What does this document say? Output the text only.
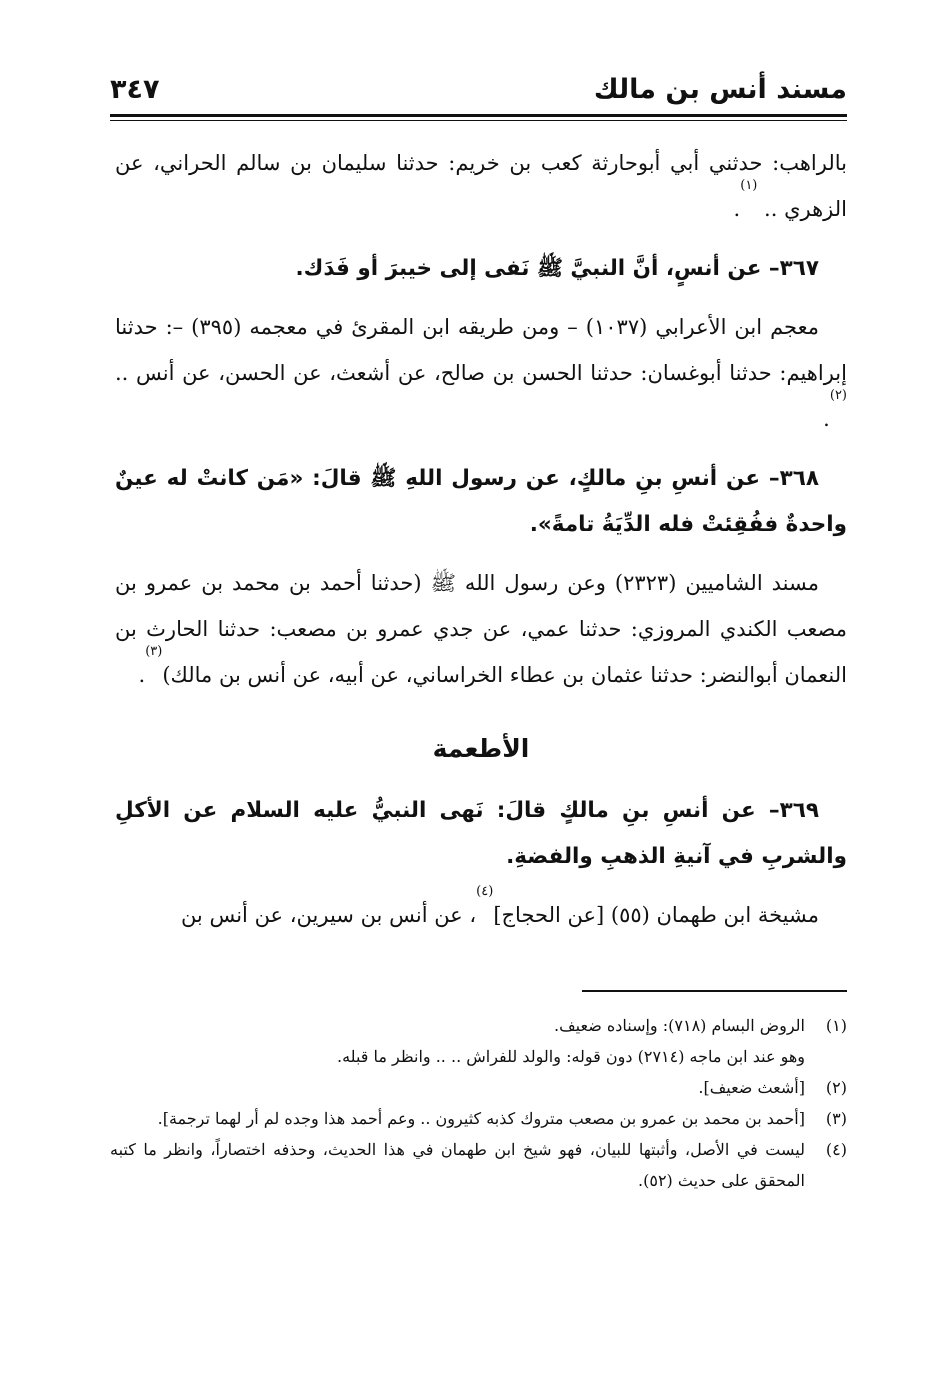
مسند أنس بن مالك
٣٤٧

بالراهب: حدثني أبي أبوحارثة كعب بن خريم: حدثنا سليمان بن سالم الحراني، عن الزهري .. $^{(١)}$.

٣٦٧– عن أنسٍ، أنَّ النبيَّ ﷺ نَفى إلى خيبرَ أو فَدَك.

معجم ابن الأعرابي (١٠٣٧) – ومن طريقه ابن المقرئ في معجمه (٣٩٥) –: حدثنا إبراهيم: حدثنا أبوغسان: حدثنا الحسن بن صالح، عن أشعث، عن الحسن، عن أنس .. $^{(٢)}$.

٣٦٨– عن أنسِ بنِ مالكٍ، عن رسول اللهِ ﷺ قالَ: «مَن كانتْ له عينٌ واحدةٌ ففُقِئتْ فله الدِّيَةُ تامةً».

مسند الشاميين (٢٣٢٣) وعن رسول الله ﷺ (حدثنا أحمد بن محمد بن عمرو بن مصعب الكندي المروزي: حدثنا عمي، عن جدي عمرو بن مصعب: حدثنا الحارث بن النعمان أبوالنضر: حدثنا عثمان بن عطاء الخراساني، عن أبيه، عن أنس بن مالك)$^{(٣)}$.

الأطعمة

٣٦٩– عن أنسِ بنِ مالكٍ قالَ: نَهى النبيُّ عليه السلام عن الأكلِ والشربِ في آنيةِ الذهبِ والفضةِ.

مشيخة ابن طهمان (٥٥) [عن الحجاج]$^{(٤)}$، عن أنس بن سيرين، عن أنس بن

(١)
الروض البسام (٧١٨): وإسناده ضعيف.

وهو عند ابن ماجه (٢٧١٤) دون قوله: والولد للفراش .. .. وانظر ما قبله.

(٢)
[أشعث ضعيف].

(٣)
[أحمد بن محمد بن عمرو بن مصعب متروك كذبه كثيرون .. وعم أحمد هذا وجده لم أر لهما ترجمة].

(٤)
ليست في الأصل، وأثبتها للبيان، فهو شيخ ابن طهمان في هذا الحديث، وحذفه اختصاراً، وانظر ما كتبه المحقق على حديث (٥٢).
